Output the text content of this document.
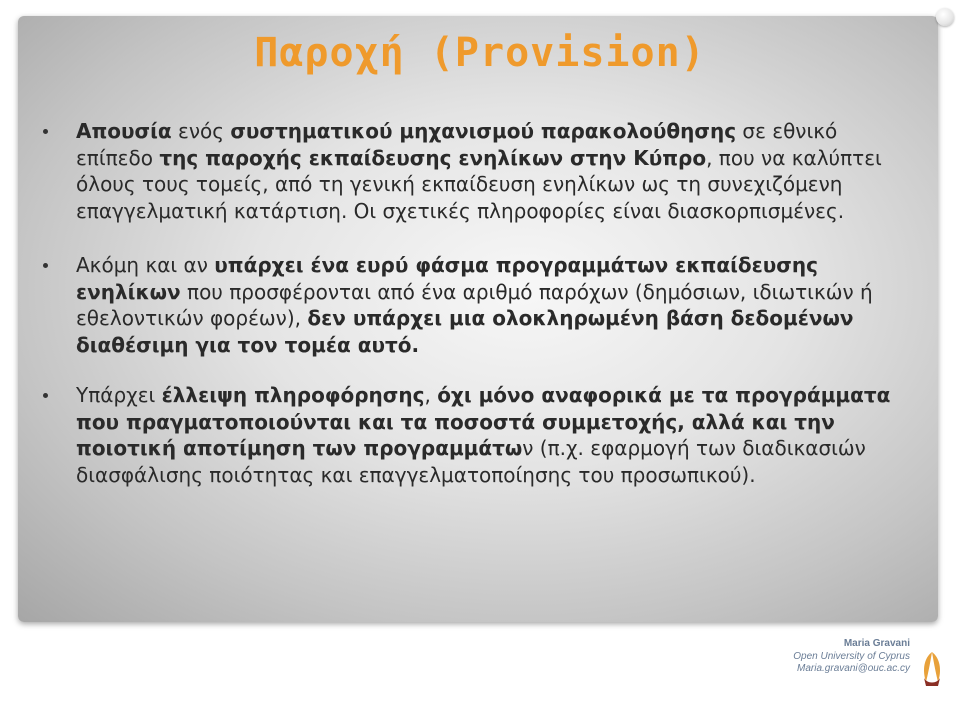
Παροχή (Provision)
Απουσία ενός συστηματικού μηχανισμού παρακολούθησης σε εθνικό επίπεδο της παροχής εκπαίδευσης ενηλίκων στην Κύπρο, που να καλύπτει όλους τους τομείς, από τη γενική εκπαίδευση ενηλίκων ως τη συνεχιζόμενη επαγγελματική κατάρτιση. Οι σχετικές πληροφορίες είναι διασκορπισμένες.
Ακόμη και αν υπάρχει ένα ευρύ φάσμα προγραμμάτων εκπαίδευσης ενηλίκων που προσφέρονται από ένα αριθμό παρόχων (δημόσιων, ιδιωτικών ή εθελοντικών φορέων), δεν υπάρχει μια ολοκληρωμένη βάση δεδομένων διαθέσιμη για τον τομέα αυτό.
Υπάρχει έλλειψη πληροφόρησης, όχι μόνο αναφορικά με τα προγράμματα που πραγματοποιούνται και τα ποσοστά συμμετοχής, αλλά και την ποιοτική αποτίμηση των προγραμμάτων (π.χ. εφαρμογή των διαδικασιών διασφάλισης ποιότητας και επαγγελματοποίησης του προσωπικού).
Maria Gravani
Open University of Cyprus
Maria.gravani@ouc.ac.cy
